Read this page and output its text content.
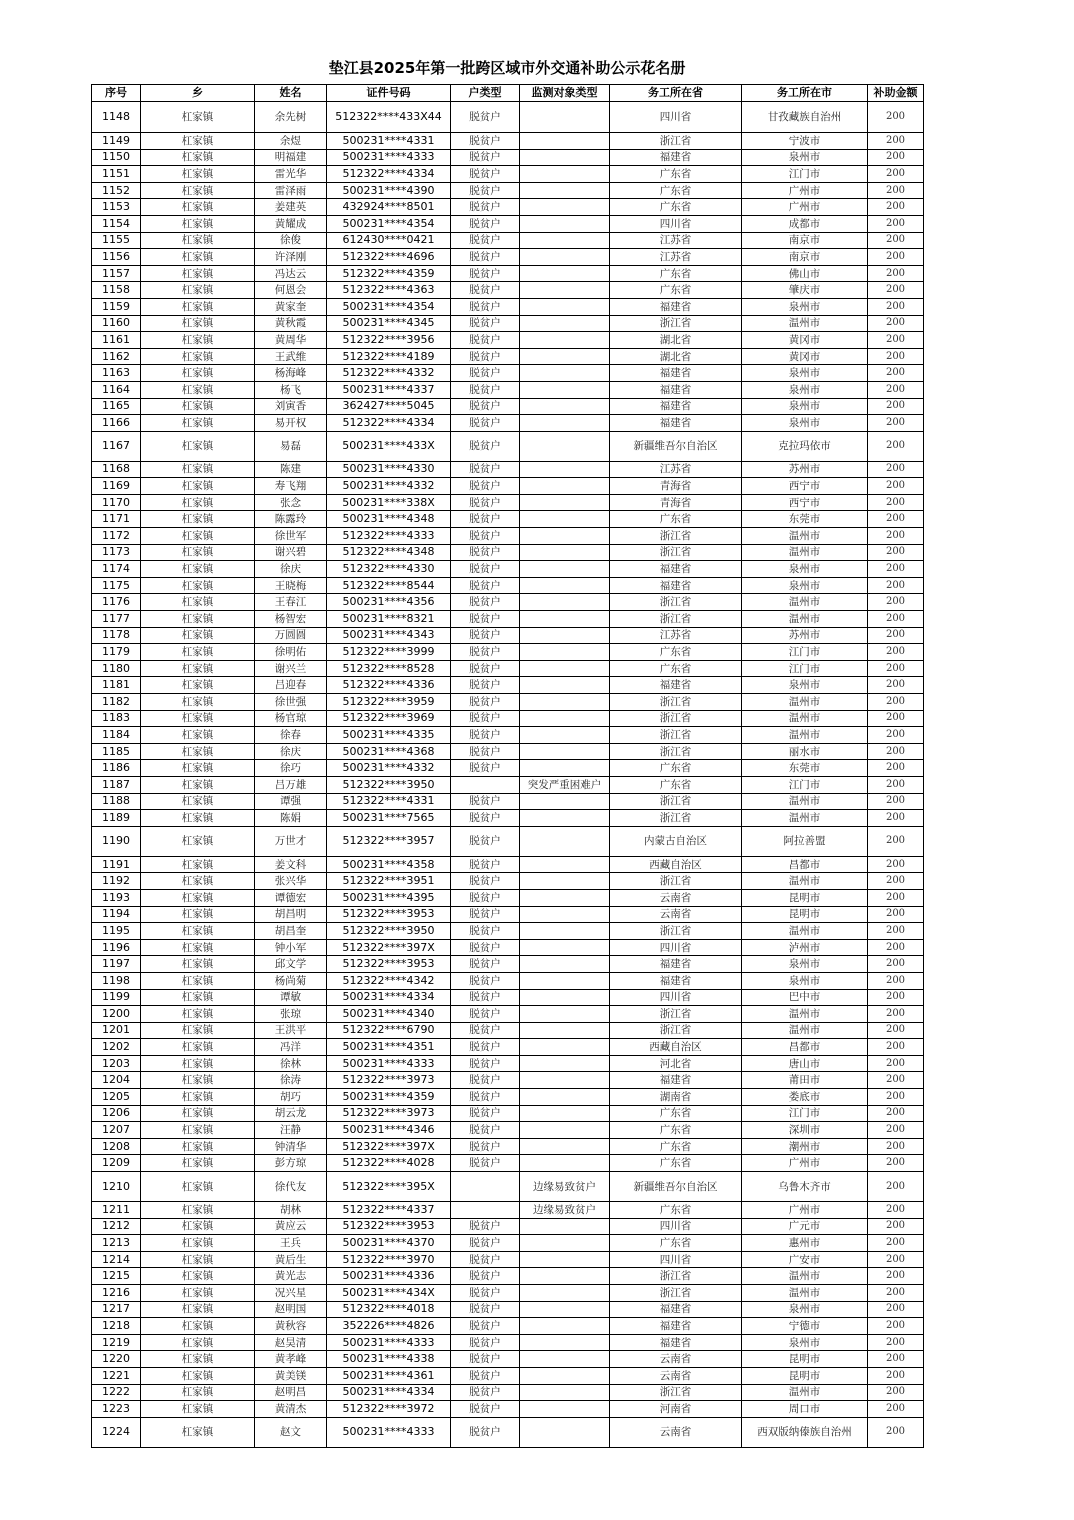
垫江县2025年第一批跨区域市外交通补助公示花名册
序号	乡	姓名	证件号码	户类型	监测对象类型	务工所在省	务工所在市	补助金额
1148	杠家镇	余先树	512322****433X44	脱贫户		四川省	甘孜藏族自治州	200
1149	杠家镇	余煜	500231****4331	脱贫户		浙江省	宁波市	200
1150	杠家镇	明福建	500231****4333	脱贫户		福建省	泉州市	200
1151	杠家镇	雷光华	512322****4334	脱贫户		广东省	江门市	200
1152	杠家镇	雷泽雨	500231****4390	脱贫户		广东省	广州市	200
1153	杠家镇	姜建英	432924****8501	脱贫户		广东省	广州市	200
1154	杠家镇	黄耀成	500231****4354	脱贫户		四川省	成都市	200
1155	杠家镇	徐俊	612430****0421	脱贫户		江苏省	南京市	200
1156	杠家镇	许泽刚	512322****4696	脱贫户		江苏省	南京市	200
1157	杠家镇	冯达云	512322****4359	脱贫户		广东省	佛山市	200
1158	杠家镇	何恩会	512322****4363	脱贫户		广东省	肇庆市	200
1159	杠家镇	黄家奎	500231****4354	脱贫户		福建省	泉州市	200
1160	杠家镇	黄秋霞	500231****4345	脱贫户		浙江省	温州市	200
1161	杠家镇	黄周华	512322****3956	脱贫户		湖北省	黄冈市	200
1162	杠家镇	王武维	512322****4189	脱贫户		湖北省	黄冈市	200
1163	杠家镇	杨海峰	512322****4332	脱贫户		福建省	泉州市	200
1164	杠家镇	杨飞	500231****4337	脱贫户		福建省	泉州市	200
1165	杠家镇	刘寅香	362427****5045	脱贫户		福建省	泉州市	200
1166	杠家镇	易开权	512322****4334	脱贫户		福建省	泉州市	200
1167	杠家镇	易磊	500231****433X	脱贫户		新疆维吾尔自治区	克拉玛依市	200
1168	杠家镇	陈建	500231****4330	脱贫户		江苏省	苏州市	200
1169	杠家镇	寿飞翔	500231****4332	脱贫户		青海省	西宁市	200
1170	杠家镇	张念	500231****338X	脱贫户		青海省	西宁市	200
1171	杠家镇	陈露玲	500231****4348	脱贫户		广东省	东莞市	200
1172	杠家镇	徐世军	512322****4333	脱贫户		浙江省	温州市	200
1173	杠家镇	谢兴碧	512322****4348	脱贫户		浙江省	温州市	200
1174	杠家镇	徐庆	512322****4330	脱贫户		福建省	泉州市	200
1175	杠家镇	王晓梅	512322****8544	脱贫户		福建省	泉州市	200
1176	杠家镇	王春江	500231****4356	脱贫户		浙江省	温州市	200
1177	杠家镇	杨智宏	500231****8321	脱贫户		浙江省	温州市	200
1178	杠家镇	万圆圆	500231****4343	脱贫户		江苏省	苏州市	200
1179	杠家镇	徐明佑	512322****3999	脱贫户		广东省	江门市	200
1180	杠家镇	谢兴兰	512322****8528	脱贫户		广东省	江门市	200
1181	杠家镇	吕迎春	512322****4336	脱贫户		福建省	泉州市	200
1182	杠家镇	徐世强	512322****3959	脱贫户		浙江省	温州市	200
1183	杠家镇	杨官琼	512322****3969	脱贫户		浙江省	温州市	200
1184	杠家镇	徐春	500231****4335	脱贫户		浙江省	温州市	200
1185	杠家镇	徐庆	500231****4368	脱贫户		浙江省	丽水市	200
1186	杠家镇	徐巧	500231****4332	脱贫户		广东省	东莞市	200
1187	杠家镇	吕万雄	512322****3950		突发严重困难户	广东省	江门市	200
1188	杠家镇	谭强	512322****4331	脱贫户		浙江省	温州市	200
1189	杠家镇	陈娟	500231****7565	脱贫户		浙江省	温州市	200
1190	杠家镇	万世才	512322****3957	脱贫户		内蒙古自治区	阿拉善盟	200
1191	杠家镇	姜文科	500231****4358	脱贫户		西藏自治区	昌都市	200
1192	杠家镇	张兴华	512322****3951	脱贫户		浙江省	温州市	200
1193	杠家镇	谭德宏	500231****4395	脱贫户		云南省	昆明市	200
1194	杠家镇	胡昌明	512322****3953	脱贫户		云南省	昆明市	200
1195	杠家镇	胡昌奎	512322****3950	脱贫户		浙江省	温州市	200
1196	杠家镇	钟小军	512322****397X	脱贫户		四川省	泸州市	200
1197	杠家镇	邱文学	512322****3953	脱贫户		福建省	泉州市	200
1198	杠家镇	杨尚菊	512322****4342	脱贫户		福建省	泉州市	200
1199	杠家镇	谭敏	500231****4334	脱贫户		四川省	巴中市	200
1200	杠家镇	张琼	500231****4340	脱贫户		浙江省	温州市	200
1201	杠家镇	王洪平	512322****6790	脱贫户		浙江省	温州市	200
1202	杠家镇	冯洋	500231****4351	脱贫户		西藏自治区	昌都市	200
1203	杠家镇	徐林	500231****4333	脱贫户		河北省	唐山市	200
1204	杠家镇	徐涛	512322****3973	脱贫户		福建省	莆田市	200
1205	杠家镇	胡巧	500231****4359	脱贫户		湖南省	娄底市	200
1206	杠家镇	胡云龙	512322****3973	脱贫户		广东省	江门市	200
1207	杠家镇	汪静	500231****4346	脱贫户		广东省	深圳市	200
1208	杠家镇	钟清华	512322****397X	脱贫户		广东省	潮州市	200
1209	杠家镇	彭方琼	512322****4028	脱贫户		广东省	广州市	200
1210	杠家镇	徐代友	512322****395X		边缘易致贫户	新疆维吾尔自治区	乌鲁木齐市	200
1211	杠家镇	胡林	512322****4337		边缘易致贫户	广东省	广州市	200
1212	杠家镇	黄应云	512322****3953	脱贫户		四川省	广元市	200
1213	杠家镇	王兵	500231****4370	脱贫户		广东省	惠州市	200
1214	杠家镇	黄后生	512322****3970	脱贫户		四川省	广安市	200
1215	杠家镇	黄光志	500231****4336	脱贫户		浙江省	温州市	200
1216	杠家镇	况兴星	500231****434X	脱贫户		浙江省	温州市	200
1217	杠家镇	赵明国	512322****4018	脱贫户		福建省	泉州市	200
1218	杠家镇	黄秋容	352226****4826	脱贫户		福建省	宁德市	200
1219	杠家镇	赵昊清	500231****4333	脱贫户		福建省	泉州市	200
1220	杠家镇	黄孝峰	500231****4338	脱贫户		云南省	昆明市	200
1221	杠家镇	黄美镁	500231****4361	脱贫户		云南省	昆明市	200
1222	杠家镇	赵明昌	500231****4334	脱贫户		浙江省	温州市	200
1223	杠家镇	黄清杰	512322****3972	脱贫户		河南省	周口市	200
1224	杠家镇	赵文	500231****4333	脱贫户		云南省	西双版纳傣族自治州	200
